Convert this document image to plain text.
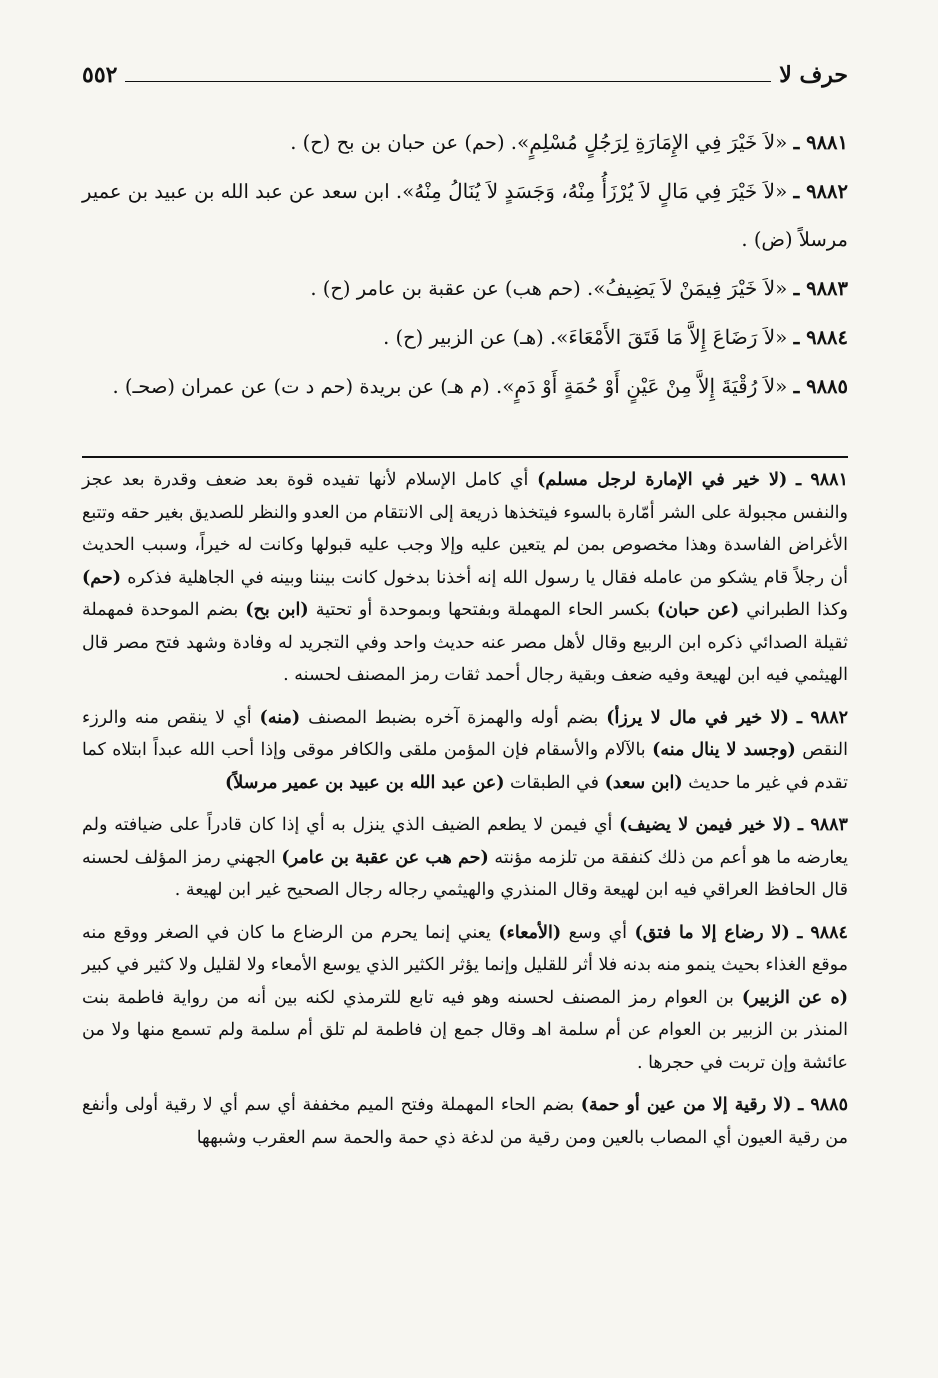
حرف لا
٥٥٢

٩٨٨١ ـ «لاَ خَيْرَ فِي الإِمَارَةِ لِرَجُلٍ مُسْلِمٍ». (حم) عن حبان بن بح (ح) .

٩٨٨٢ ـ «لاَ خَيْرَ فِي مَالٍ لاَ يُرْزَأُ مِنْهُ، وَجَسَدٍ لاَ يُنَالُ مِنْهُ». ابن سعد عن عبد الله بن عبيد بن عمير مرسلاً (ض) .

٩٨٨٣ ـ «لاَ خَيْرَ فِيمَنْ لاَ يَضِيفُ». (حم هب) عن عقبة بن عامر (ح) .

٩٨٨٤ ـ «لاَ رَضَاعَ إِلاَّ مَا فَتَقَ الأَمْعَاءَ». (هـ) عن الزبير (ح) .

٩٨٨٥ ـ «لاَ رُقْيَةَ إِلاَّ مِنْ عَيْنٍ أَوْ حُمَةٍ أَوْ دَمٍ». (م هـ) عن بريدة (حم د ت) عن عمران (صحـ) .

٩٨٨١ ـ (لا خير في الإمارة لرجل مسلم) أي كامل الإسلام لأنها تفيده قوة بعد ضعف وقدرة بعد عجز والنفس مجبولة على الشر أمّارة بالسوء فيتخذها ذريعة إلى الانتقام من العدو والنظر للصديق بغير حقه وتتبع الأغراض الفاسدة وهذا مخصوص بمن لم يتعين عليه وإلا وجب عليه قبولها وكانت له خيراً، وسبب الحديث أن رجلاً قام يشكو من عامله فقال يا رسول الله إنه أخذنا بدخول كانت بيننا وبينه في الجاهلية فذكره (حم) وكذا الطبراني (عن حبان) بكسر الحاء المهملة وبفتحها وبموحدة أو تحتية (ابن بح) بضم الموحدة فمهملة ثقيلة الصدائي ذكره ابن الربيع وقال لأهل مصر عنه حديث واحد وفي التجريد له وفادة وشهد فتح مصر قال الهيثمي فيه ابن لهيعة وفيه ضعف وبقية رجال أحمد ثقات رمز المصنف لحسنه .

٩٨٨٢ ـ (لا خير في مال لا يرزأ) بضم أوله والهمزة آخره بضبط المصنف (منه) أي لا ينقص منه والرزء النقص (وجسد لا ينال منه) بالآلام والأسقام فإن المؤمن ملقى والكافر موقى وإذا أحب الله عبداً ابتلاه كما تقدم في غير ما حديث (ابن سعد) في الطبقات (عن عبد الله بن عبيد بن عمير مرسلاً)

٩٨٨٣ ـ (لا خير فيمن لا يضيف) أي فيمن لا يطعم الضيف الذي ينزل به أي إذا كان قادراً على ضيافته ولم يعارضه ما هو أعم من ذلك كنفقة من تلزمه مؤنته (حم هب عن عقبة بن عامر) الجهني رمز المؤلف لحسنه قال الحافظ العراقي فيه ابن لهيعة وقال المنذري والهيثمي رجاله رجال الصحيح غير ابن لهيعة .

٩٨٨٤ ـ (لا رضاع إلا ما فتق) أي وسع (الأمعاء) يعني إنما يحرم من الرضاع ما كان في الصغر ووقع منه موقع الغذاء بحيث ينمو منه بدنه فلا أثر للقليل وإنما يؤثر الكثير الذي يوسع الأمعاء ولا لقليل ولا كثير في كبير (ه عن الزبير) بن العوام رمز المصنف لحسنه وهو فيه تابع للترمذي لكنه بين أنه من رواية فاطمة بنت المنذر بن الزبير بن العوام عن أم سلمة اهـ وقال جمع إن فاطمة لم تلق أم سلمة ولم تسمع منها ولا من عائشة وإن تربت في حجرها .

٩٨٨٥ ـ (لا رقية إلا من عين أو حمة) بضم الحاء المهملة وفتح الميم مخففة أي سم أي لا رقية أولى وأنفع من رقية العيون أي المصاب بالعين ومن رقية من لدغة ذي حمة والحمة سم العقرب وشبهها
